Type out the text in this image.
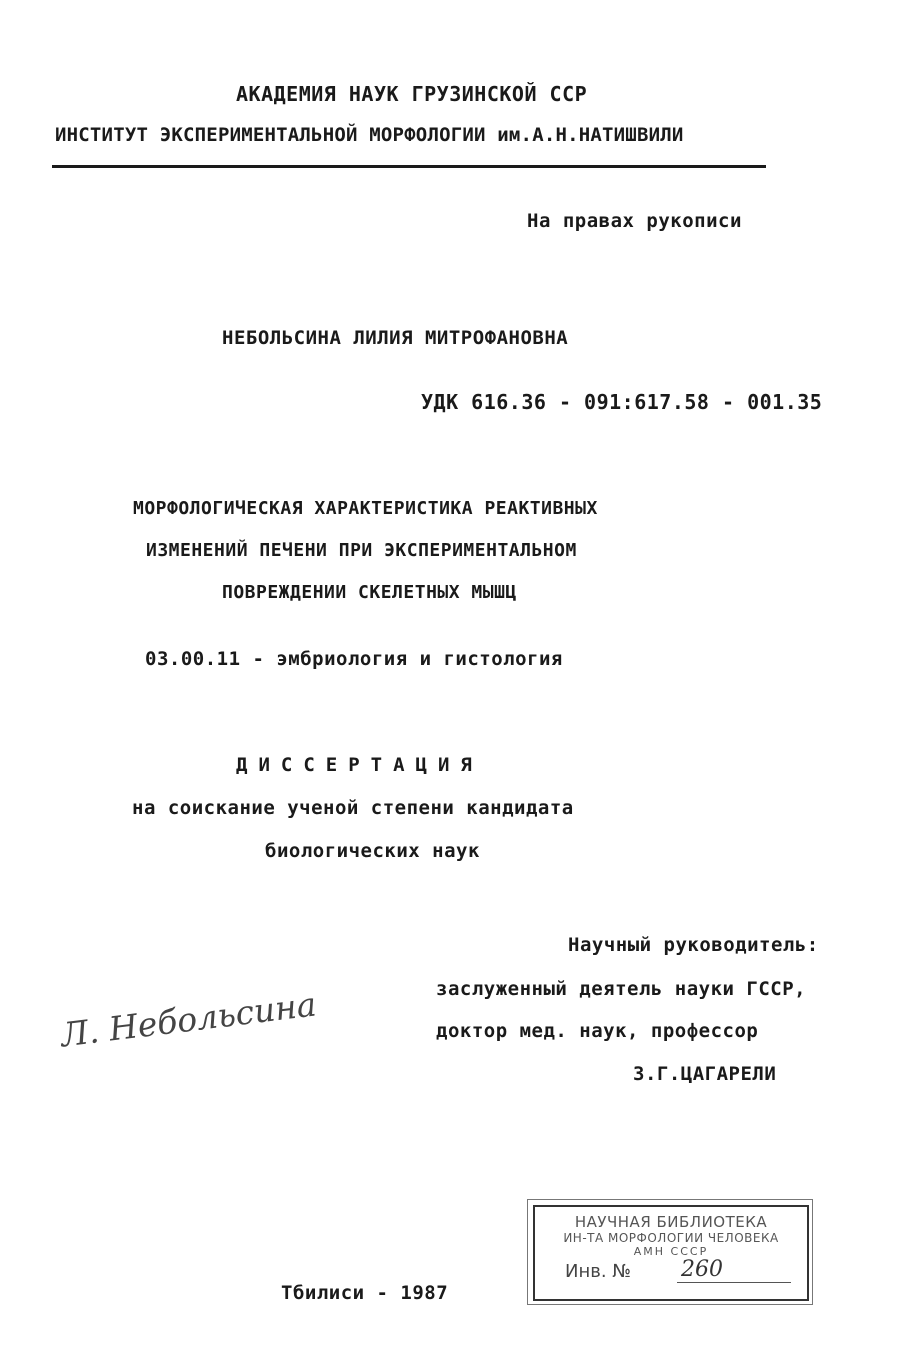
АКАДЕМИЯ НАУК ГРУЗИНСКОЙ ССР
ИНСТИТУТ ЭКСПЕРИМЕНТАЛЬНОЙ МОРФОЛОГИИ им.А.Н.НАТИШВИЛИ
На правах рукописи
НЕБОЛЬСИНА ЛИЛИЯ МИТРОФАНОВНА
УДК 616.36 - 091:617.58 - 001.35
МОРФОЛОГИЧЕСКАЯ ХАРАКТЕРИСТИКА РЕАКТИВНЫХ
ИЗМЕНЕНИЙ ПЕЧЕНИ ПРИ ЭКСПЕРИМЕНТАЛЬНОМ
ПОВРЕЖДЕНИИ СКЕЛЕТНЫХ МЫШЦ
03.00.11 - эмбриология и гистология
ДИССЕРТАЦИЯ
на соискание ученой степени кандидата
биологических наук
Научный руководитель:
заслуженный деятель науки ГССР,
доктор мед. наук, профессор
З.Г.ЦАГАРЕЛИ
Л. Небольсина
НАУЧНАЯ БИБЛИОТЕКА
ИН-ТА МОРФОЛОГИИ ЧЕЛОВЕКА
АМН СССР
Инв. № 260
Тбилиси - 1987
